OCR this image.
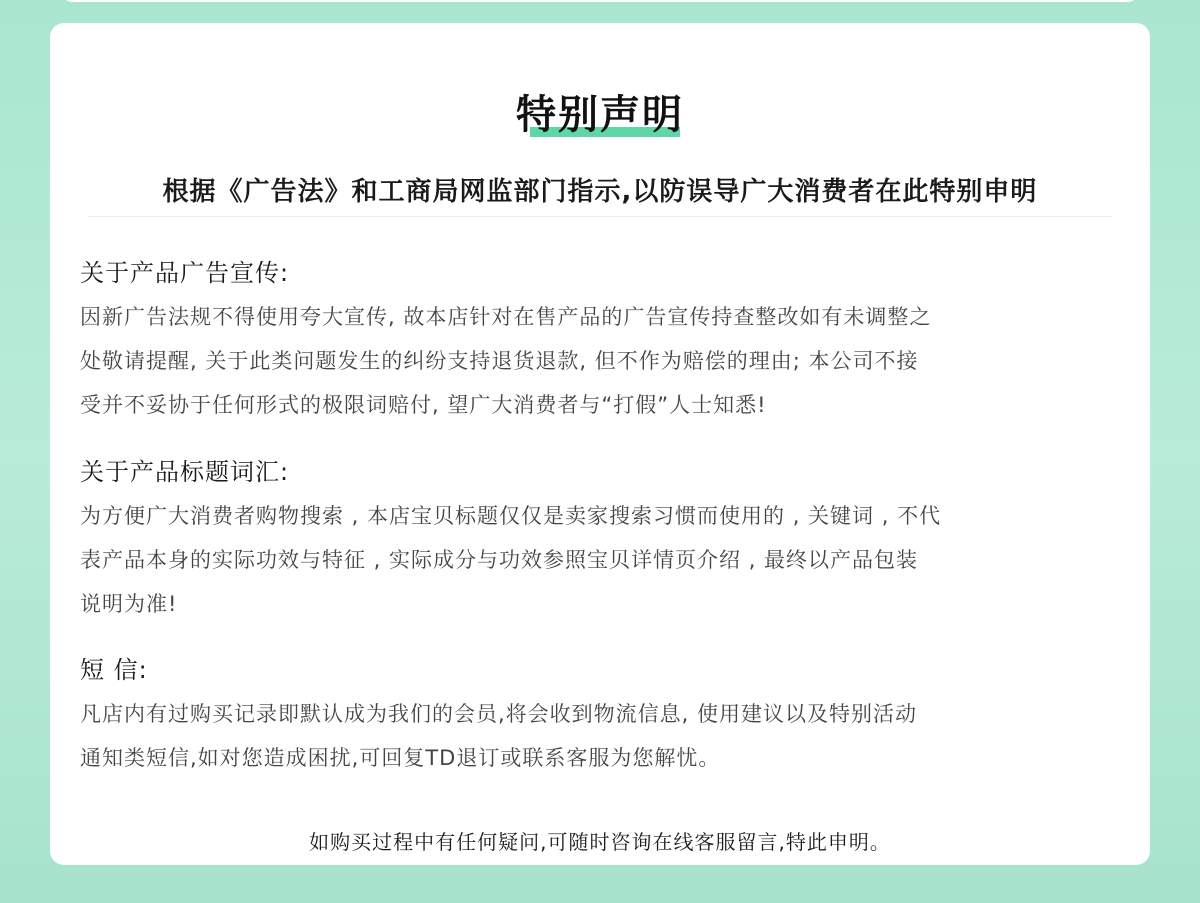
特别声明
根据《广告法》和工商局网监部门指示,以防误导广大消费者在此特别申明
关于产品广告宣传:
因新广告法规不得使用夸大宣传, 故本店针对在售产品的广告宣传持查整改如有未调整之
处敬请提醒, 关于此类问题发生的纠纷支持退货退款, 但不作为赔偿的理由; 本公司不接
受并不妥协于任何形式的极限词赔付, 望广大消费者与“打假”人士知悉!
关于产品标题词汇:
为方便广大消费者购物搜索 , 本店宝贝标题仅仅是卖家搜索习惯而使用的 , 关键词 , 不代
表产品本身的实际功效与特征 , 实际成分与功效参照宝贝详情页介绍 , 最终以产品包装
说明为准!
短 信:
凡店内有过购买记录即默认成为我们的会员,将会收到物流信息, 使用建议以及特别活动
通知类短信,如对您造成困扰,可回复TD退订或联系客服为您解忧。
如购买过程中有任何疑问,可随时咨询在线客服留言,特此申明。
